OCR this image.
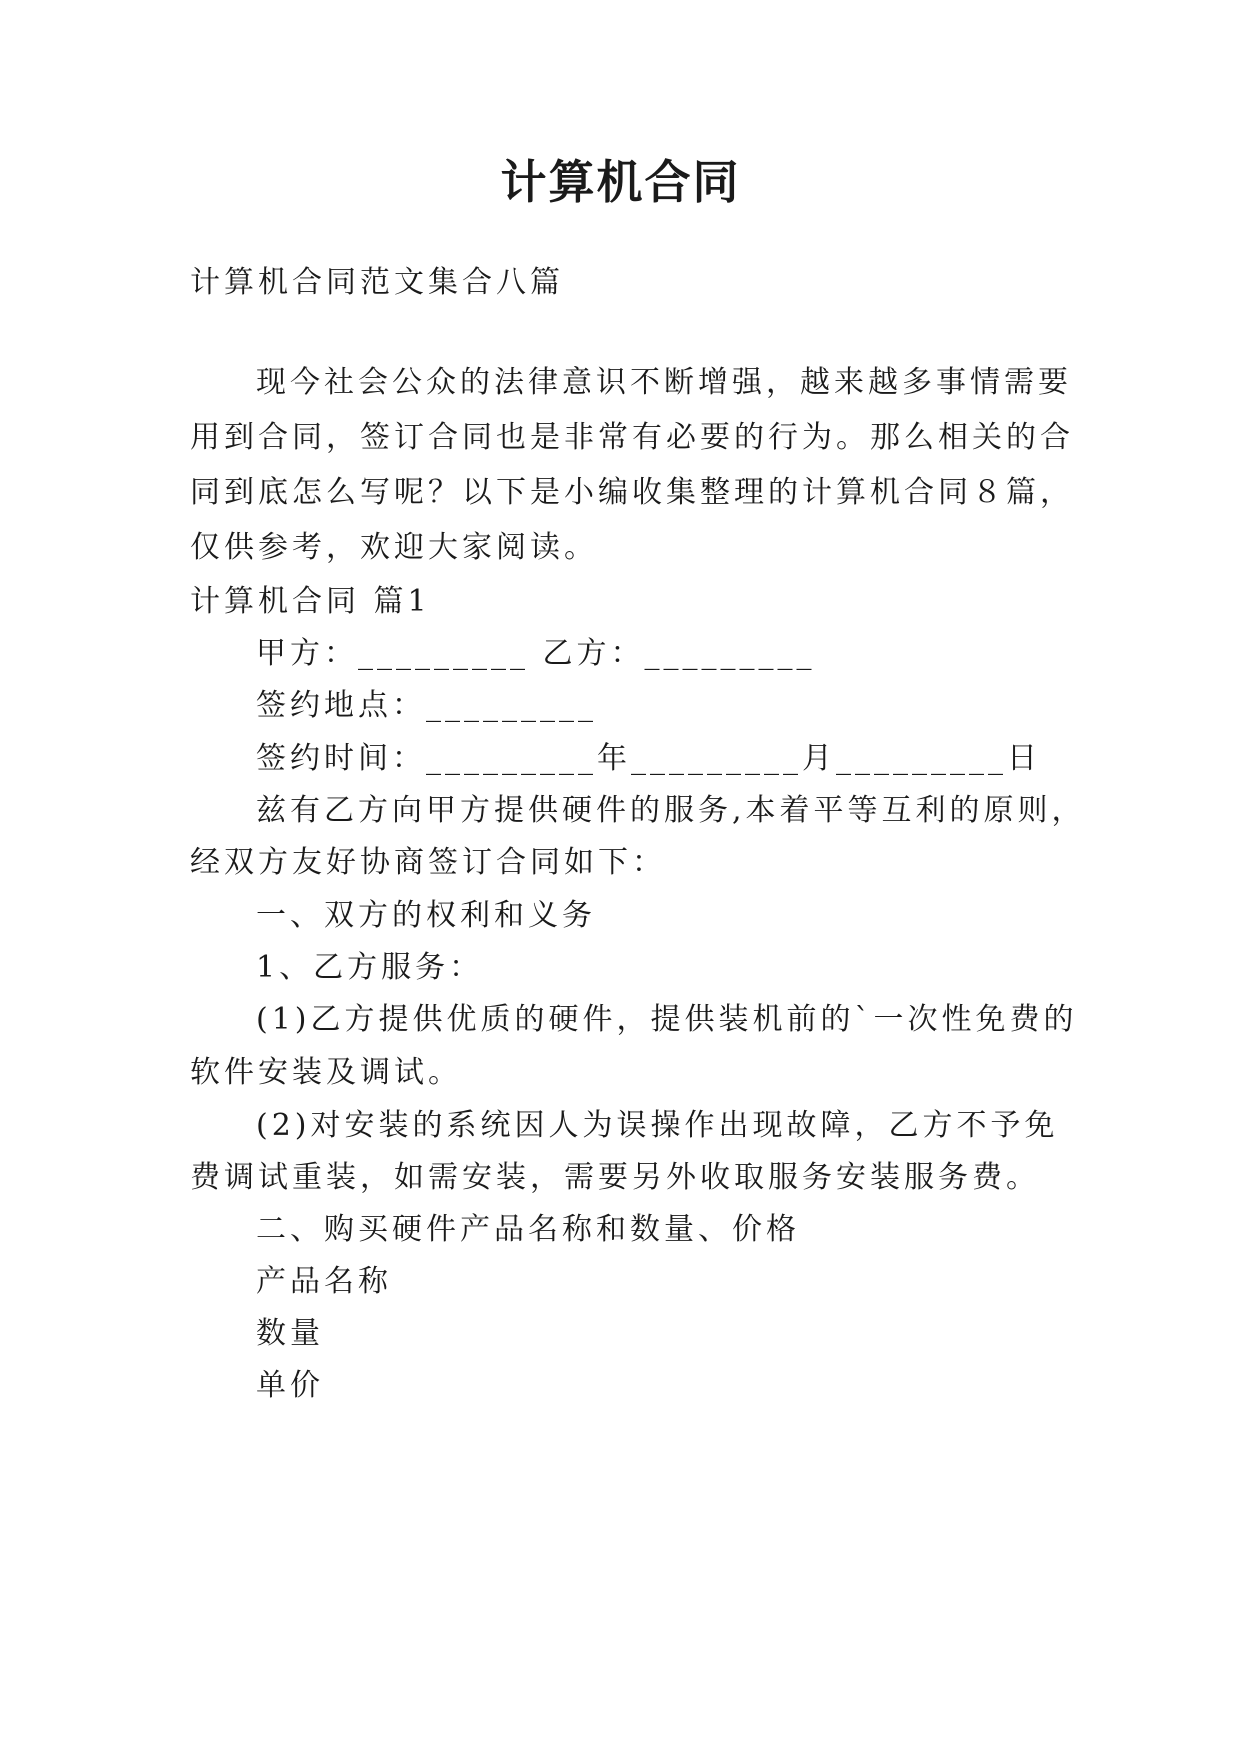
计算机合同

计算机合同范文集合八篇

现今社会公众的法律意识不断增强，越来越多事情需要

用到合同，签订合同也是非常有必要的行为。那么相关的合

同到底怎么写呢？以下是小编收集整理的计算机合同８篇，

仅供参考，欢迎大家阅读。

计算机合同 篇1

甲方：_________ 乙方：_________

签约地点：_________

签约时间：_________年_________月_________日

兹有乙方向甲方提供硬件的服务,本着平等互利的原则，

经双方友好协商签订合同如下：

一、双方的权利和义务

1、乙方服务：

(1)乙方提供优质的硬件，提供装机前的`一次性免费的

软件安装及调试。

(2)对安装的系统因人为误操作出现故障，乙方不予免

费调试重装，如需安装，需要另外收取服务安装服务费。

二、购买硬件产品名称和数量、价格

产品名称

数量

单价
